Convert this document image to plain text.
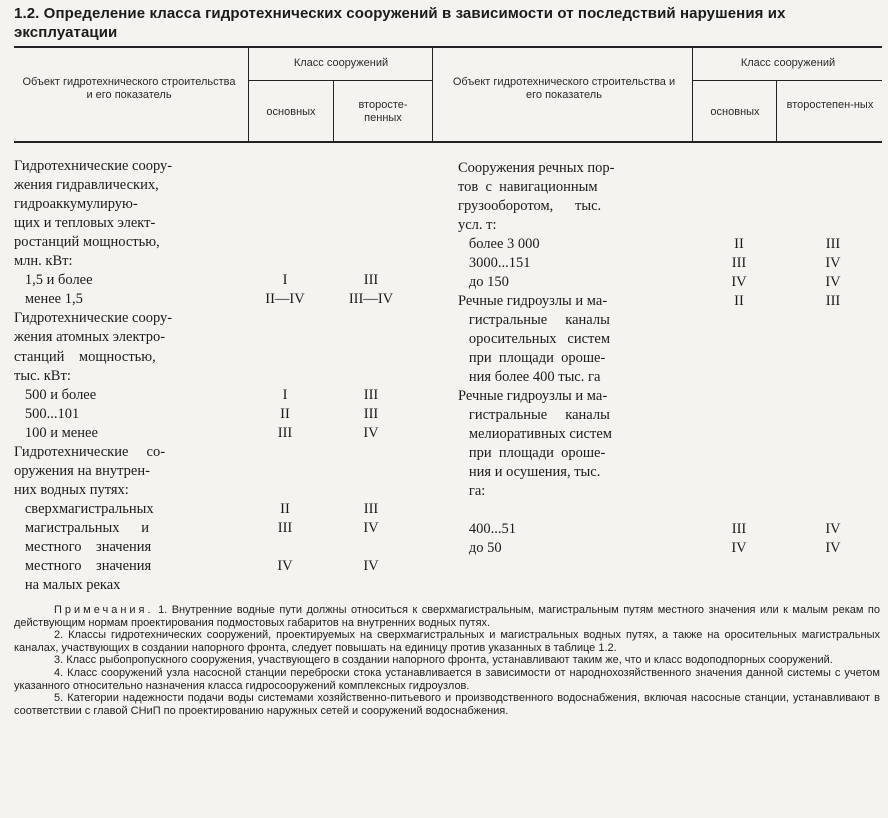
1.2. Определение класса гидротехнических сооружений в зависимости от последствий нарушения их эксплуатации
Объект гидротехнического строительства и его показатель
Класс сооружений
основных
второсте-пенных
Объект гидротехнического строительства и его показатель
Класс сооружений
основных
второстепен-ных
Гидротехнические соору-
жения гидравлических,
гидроаккумулирую-
щих и тепловых элект-
ростанций мощностью,
млн. кВт:
1,5 и более	I	III
менее 1,5	II—IV	III—IV
Гидротехнические соору-
жения атомных электро-
станций    мощностью,
тыс. кВт:
500 и более	I	III
500...101	II	III
100 и менее	III	IV
Гидротехнические     со-
оружения на внутрен-
них водных путях:
сверхмагистральных	II	III
магистральных      и	III	IV
местного    значения
местного    значения	IV	IV
на малых реках
Сооружения речных пор-
тов  с  навигационным
грузооборотом,      тыс.
усл. т:
более 3 000	II	III
3000...151	III	IV
до 150	IV	IV
Речные гидроузлы и ма-	II	III
гистральные     каналы
оросительных   систем
при  площади  ороше-
ния более 400 тыс. га
Речные гидроузлы и ма-
гистральные     каналы
мелиоративных систем
при  площади  ороше-
ния и осушения, тыс.
га:
400...51	III	IV
до 50	IV	IV

Примечания. 1. Внутренние водные пути должны относиться к сверхмагистральным, магистральным путям местного значения или к малым рекам по действующим нормам проектирования подмостовых габаритов на внутренних водных путях.

2. Классы гидротехнических сооружений, проектируемых на сверхмагистральных и магистральных водных путях, а также на оросительных магистральных каналах, участвующих в создании напорного фронта, следует повышать на единицу против указанных в таблице 1.2.

3. Класс рыбопропускного сооружения, участвующего в создании напорного фронта, устанавливают таким же, что и класс водоподпорных сооружений.

4. Класс сооружений узла насосной станции переброски стока устанавливается в зависимости от народнохозяйственного значения данной системы с учетом указанного относительно назначения класса гидросооружений комплексных гидроузлов.

5. Категории надежности подачи воды системами хозяйственно-питьевого и производственного водоснабжения, включая насосные станции, устанавливают в соответствии с главой СНиП по проектированию наружных сетей и сооружений водоснабжения.
